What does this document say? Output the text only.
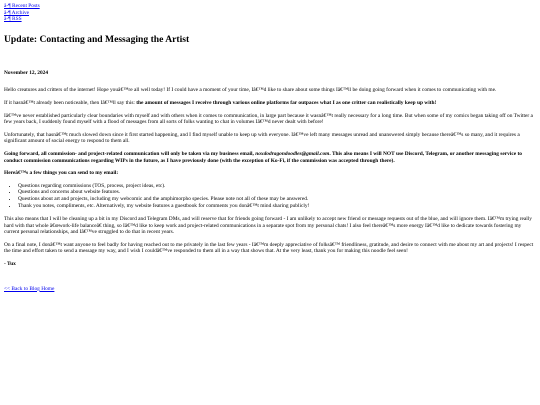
â-¶ Recent Posts
â-¶ Archive
â-¶ RSS
Update: Contacting and Messaging the Artist
November 12, 2024

Hello creatures and critters of the internet! Hope youâ€™re all well today! If I could have a moment of your time, Iâ€™d like to share about some things Iâ€™ll be doing going forward when it comes to communicating with me.

If it hasnâ€™t already been noticeable, then Iâ€™ll say this: the amount of messages I receive through various online platforms far outpaces what I as one critter can realistically keep up with!

Iâ€™ve never established particularly clear boundaries with myself and with others when it comes to communication, in large part because it wasnâ€™t really necessary for a long time. But when some of my comics began taking off on Twitter a few years back, I suddenly found myself with a flood of messages from all sorts of folks wanting to chat in volumes Iâ€™d never dealt with before!

Unfortunately, that hasnâ€™t much slowed down since it first started happening, and I find myself unable to keep up with everyone. Iâ€™ve left many messages unread and unanswered simply because thereâ€™s so many, and it requires a significant amount of social energy to respond to them all.

Going forward, all commission- and project-related communication will only be taken via my business email, noxdodragondoodles@gmail.com. This also means I will NOT use Discord, Telegram, or another messaging service to conduct commission communications regarding WIPs in the future, as I have previously done (with the exception of Ko-Fi, if the commission was accepted through there).

Hereâ€™s a few things you can send to my email:

• Questions regarding commissions (TOS, process, project ideas, etc).
• Questions and concerns about website features.
• Questions about art and projects, including my webcomic and the amphimorpho species. Please note not all of these may be answered.
• Thank you notes, compliments, etc. Alternatively, my website features a guestbook for comments you donâ€™t mind sharing publicly!

This also means that I will be cleaning up a bit in my Discord and Telegram DMs, and will reserve that for friends going forward - I am unlikely to accept new friend or message requests out of the blue, and will ignore them. Iâ€™m trying really hard with that whole â€œwork-life balanceâ€ thing, so Iâ€™d like to keep work and project-related communications in a separate spot from my personal chats! I also feel thereâ€™s more energy Iâ€™d like to dedicate towards fostering my current personal relationships, and Iâ€™ve struggled to do that in recent years.

On a final note, I donâ€™t want anyone to feel badly for having reached out to me privately in the last few years - Iâ€™m deeply appreciative of folksâ€™ friendliness, gratitude, and desire to connect with me about my art and projects! I respect the time and effort taken to send a message my way, and I wish I couldâ€™ve responded to them all in a way that shows that. At the very least, thank you for making this noodle feel seen!

- Tux

<< Back to Blog Home
